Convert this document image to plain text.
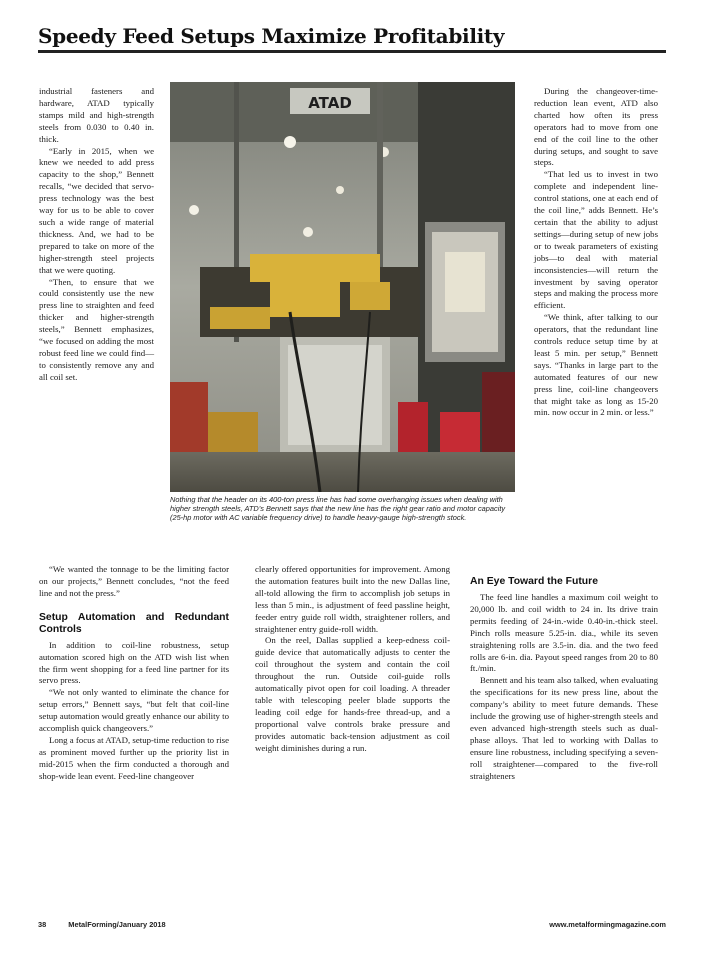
Speedy Feed Setups Maximize Profitability

industrial fasteners and hardware, ATAD typically stamps mild and high-strength steels from 0.030 to 0.40 in. thick.

“Early in 2015, when we knew we needed to add press capacity to the shop,” Bennett recalls, “we decided that servo-press technology was the best way for us to be able to cover such a wide range of material thickness. And, we had to be prepared to take on more of the higher-strength steel projects that we were quoting.

“Then, to ensure that we could consistently use the new press line to straighten and feed thicker and higher-strength steels,” Bennett emphasizes, “we focused on adding the most robust feed line we could find—to consistently remove any and all coil set.

ATAD
Nothing that the header on its 400-ton press line has had some overhanging issues when dealing with higher strength steels, ATD’s Bennett says that the new line has the right gear ratio and motor capacity (25-hp motor with AC variable frequency drive) to handle heavy-gauge high-strength stock.

“We wanted the tonnage to be the limiting factor on our projects,” Bennett concludes, “not the feed line and not the press.”

Setup Automation and Redundant Controls

In addition to coil-line robustness, setup automation scored high on the ATD wish list when the firm went shopping for a feed line partner for its servo press.

“We not only wanted to eliminate the chance for setup errors,” Bennett says, “but felt that coil-line setup automation would greatly enhance our ability to accomplish quick changeovers.”

Long a focus at ATAD, setup-time reduction to rise as prominent moved further up the priority list in mid-2015 when the firm conducted a thorough and shop-wide lean event. Feed-line changeover

clearly offered opportunities for improvement. Among the automation features built into the new Dallas line, all-told allowing the firm to accomplish job setups in less than 5 min., is adjustment of feed passline height, feeder entry guide roll width, straightener rollers, and straightener entry guide-roll width.

On the reel, Dallas supplied a keep-edness coil-guide device that automatically adjusts to center the coil throughout the system and contain the coil throughout the run. Outside coil-guide rolls automatically pivot open for coil loading. A threader table with telescoping peeler blade supports the leading coil edge for hands-free thread-up, and a proportional valve controls brake pressure and provides automatic back-tension adjustment as coil weight diminishes during a run.

During the changeover-time-reduction lean event, ATD also charted how often its press operators had to move from one end of the coil line to the other during setups, and sought to save steps.

“That led us to invest in two complete and independent line-control stations, one at each end of the coil line,” adds Bennett. He’s certain that the ability to adjust settings—during setup of new jobs or to tweak parameters of existing jobs—to deal with material inconsistencies—will return the investment by saving operator steps and making the process more efficient.

“We think, after talking to our operators, that the redundant line controls reduce setup time by at least 5 min. per setup,” Bennett says. “Thanks in large part to the automated features of our new press line, coil-line changeovers that might take as long as 15-20 min. now occur in 2 min. or less.”

An Eye Toward the Future

The feed line handles a maximum coil weight to 20,000 lb. and coil width to 24 in. Its drive train permits feeding of 24-in.-wide 0.40-in.-thick steel. Pinch rolls measure 5.25-in. dia., while its seven straightening rolls are 3.5-in. dia. and the two feed rolls are 6-in. dia. Payout speed ranges from 20 to 80 ft./min.

Bennett and his team also talked, when evaluating the specifications for its new press line, about the company’s ability to meet future demands. These include the growing use of higher-strength steels and even advanced high-strength steels such as dual-phase alloys. That led to working with Dallas to ensure line robustness, including specifying a seven-roll straightener—compared to the five-roll straighteners

38	MetalForming/January 2018	www.metalformingmagazine.com
